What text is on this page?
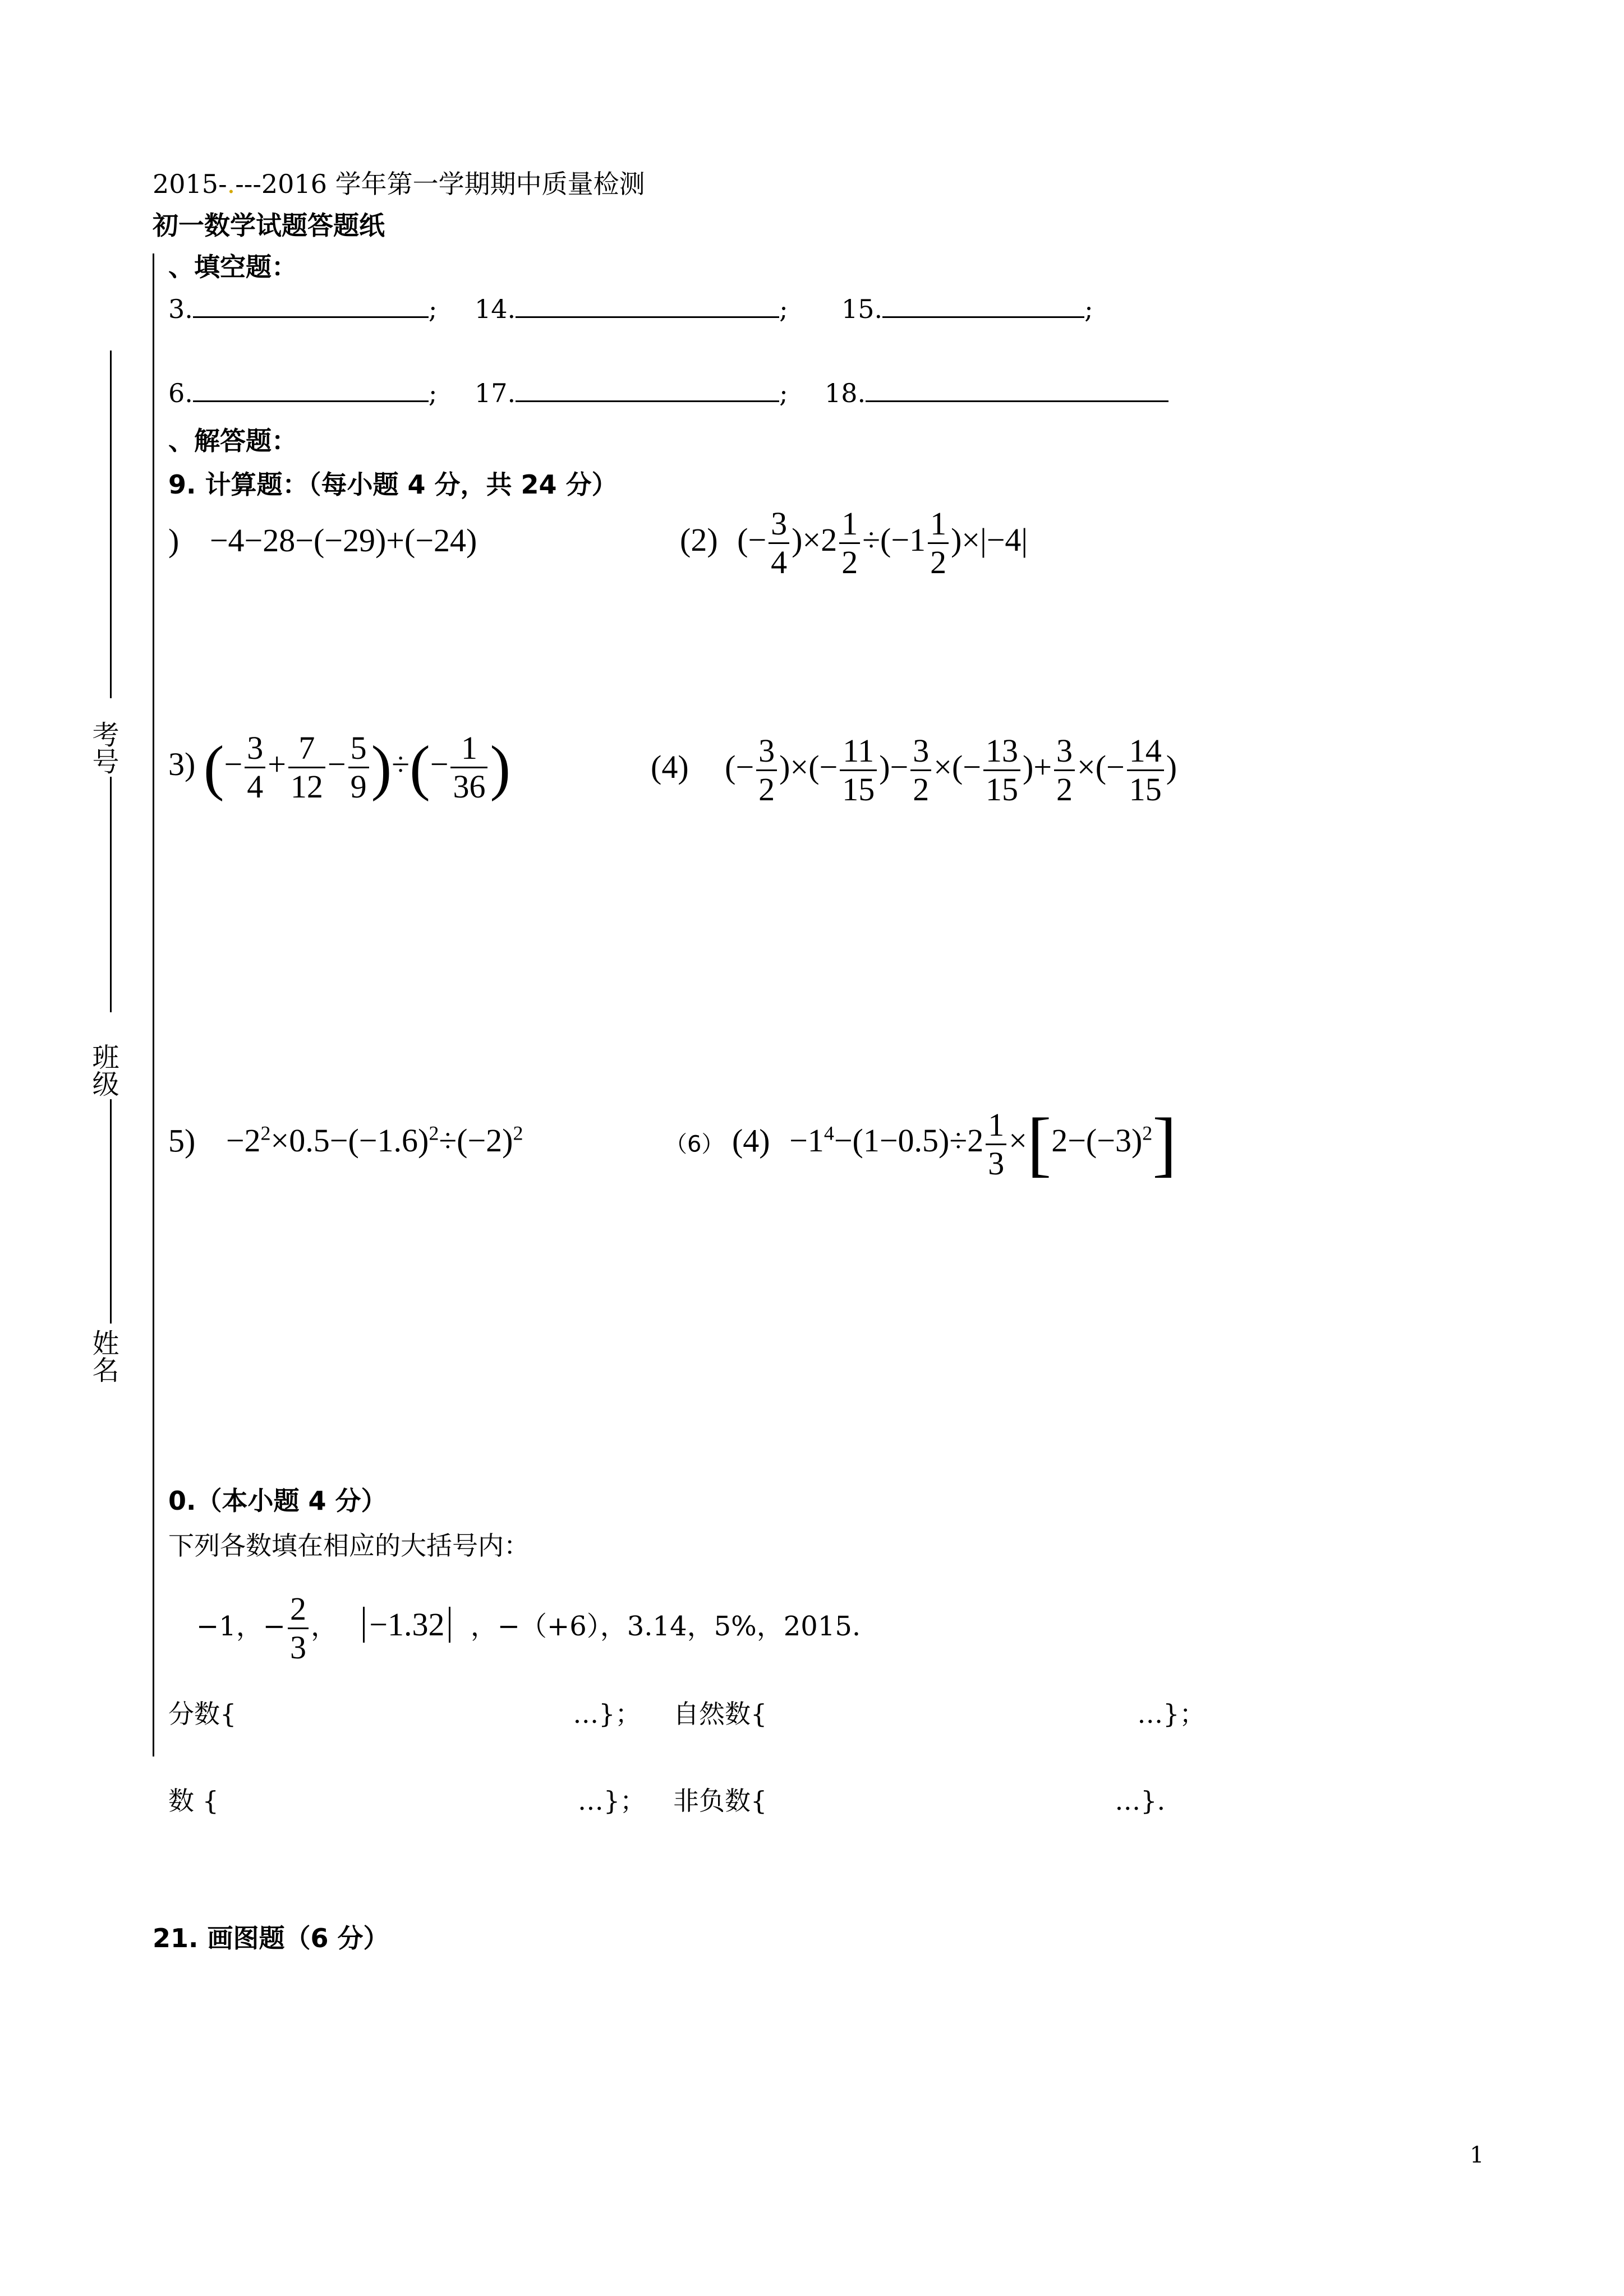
2015-.---2016 学年第一学期期中质量检测
初一数学试题答题纸
考号
班级
姓名
、填空题：
3.	; 14.	; 15.	;
6.	; 17.	; 18.
、解答题：
9. 计算题：（每小题 4 分，共 24 分）
) −4−28−(−29)+(−24)	(2) (− $\frac{3}{4} )\times 2 \frac{1}{2} \div(-1 \frac{1}{2} )\times|-4|$
3) (− $\frac{3}{4} + \frac{7}{12} - \frac{5}{9}$ )÷(− $\frac{1}{36}$ )	(4) (− $\frac{3}{2}$ )×(− $\frac{11}{15}$ )− $\frac{3}{2}$ ×(− $\frac{13}{15}$ )+ $\frac{3}{2}$ ×(− $\frac{14}{15}$ )
$5) -2^2\times 0.5-(-1.6)^2\div(-2)^2$	（6） $(4) -1^4-(1-0.5)\div 2 \frac{1}{3} \times[2-(-3)^2]$
0.（本小题 4 分）
下列各数填在相应的大括号内：
−1，− $\frac{2}{3}$ ， −1.32 ，−（+6），3.14，5%，2015.
分数{	…}； 自然数{	…}；
数 {	…}； 非负数{	…}.
21. 画图题（6 分）
1
